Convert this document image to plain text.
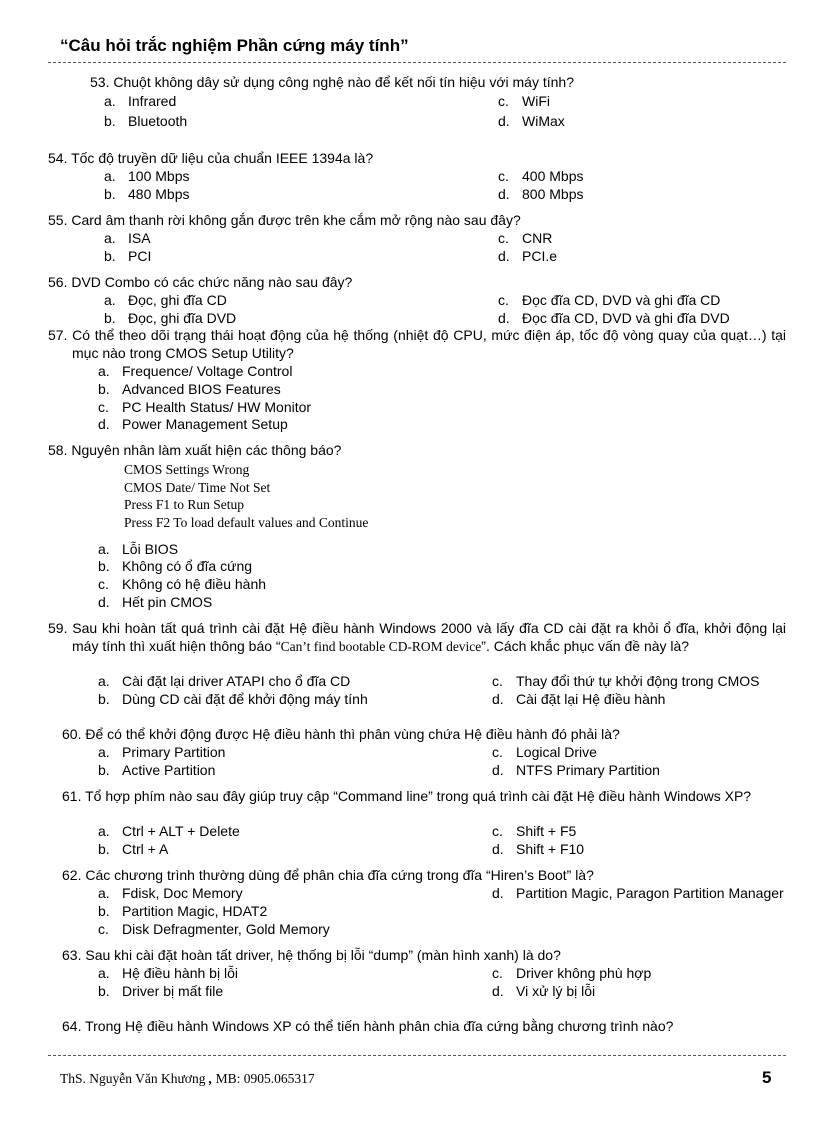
“Câu hỏi trắc nghiệm Phần cứng máy tính”
53. Chuột không dây sử dụng công nghệ nào để kết nối tín hiệu với máy tính?
a. Infrared
b. Bluetooth
c. WiFi
d. WiMax
54. Tốc độ truyền dữ liệu của chuẩn IEEE 1394a là?
a. 100 Mbps
b. 480 Mbps
c. 400 Mbps
d. 800 Mbps
55. Card âm thanh rời không gắn được trên khe cắm mở rộng nào sau đây?
a. ISA
b. PCI
c. CNR
d. PCI.e
56. DVD Combo có các chức năng nào sau đây?
a. Đọc, ghi đĩa CD
b. Đọc, ghi đĩa DVD
c. Đọc đĩa CD, DVD và ghi đĩa CD
d. Đọc đĩa CD, DVD và ghi đĩa DVD
57. Có thể theo dõi trạng thái hoạt động của hệ thống (nhiệt độ CPU, mức điện áp, tốc độ vòng quay của quạt…) tại mục nào trong CMOS Setup Utility?
a. Frequence/ Voltage Control
b. Advanced BIOS Features
c. PC Health Status/ HW Monitor
d. Power Management Setup
58. Nguyên nhân làm xuất hiện các thông báo?
CMOS Settings Wrong
CMOS Date/ Time Not Set
Press F1 to Run Setup
Press F2 To load default values and Continue
a. Lỗi BIOS
b. Không có ổ đĩa cứng
c. Không có hệ điều hành
d. Hết pin CMOS
59. Sau khi hoàn tất quá trình cài đặt Hệ điều hành Windows 2000 và lấy đĩa CD cài đặt ra khỏi ổ đĩa, khởi động lại máy tính thì xuất hiện thông báo “Can’t find bootable CD-ROM device”. Cách khắc phục vấn đề này là?
a. Cài đặt lại driver ATAPI cho ổ đĩa CD
b. Dùng CD cài đặt để khởi động máy tính
c. Thay đổi thứ tự khởi động trong CMOS
d. Cài đặt lại Hệ điều hành
60. Để có thể khởi động được Hệ điều hành thì phân vùng chứa Hệ điều hành đó phải là?
a. Primary Partition
b. Active Partition
c. Logical Drive
d. NTFS Primary Partition
61. Tổ hợp phím nào sau đây giúp truy cập “Command line” trong quá trình cài đặt Hệ điều hành Windows XP?
a. Ctrl + ALT + Delete
b. Ctrl + A
c. Shift + F5
d. Shift + F10
62. Các chương trình thường dùng để phân chia đĩa cứng trong đĩa “Hiren’s Boot” là?
a. Fdisk, Doc Memory
b. Partition Magic, HDAT2
c. Disk Defragmenter, Gold Memory
d. Partition Magic, Paragon Partition Manager
63. Sau khi cài đặt hoàn tất driver, hệ thống bị lỗi “dump” (màn hình xanh) là do?
a. Hệ điều hành bị lỗi
b. Driver bị mất file
c. Driver không phù hợp
d. Vi xử lý bị lỗi
64. Trong Hệ điều hành Windows XP có thể tiến hành phân chia đĩa cứng bằng chương trình nào?
ThS. Nguyễn Văn Khương , MB: 0905.065317	5
